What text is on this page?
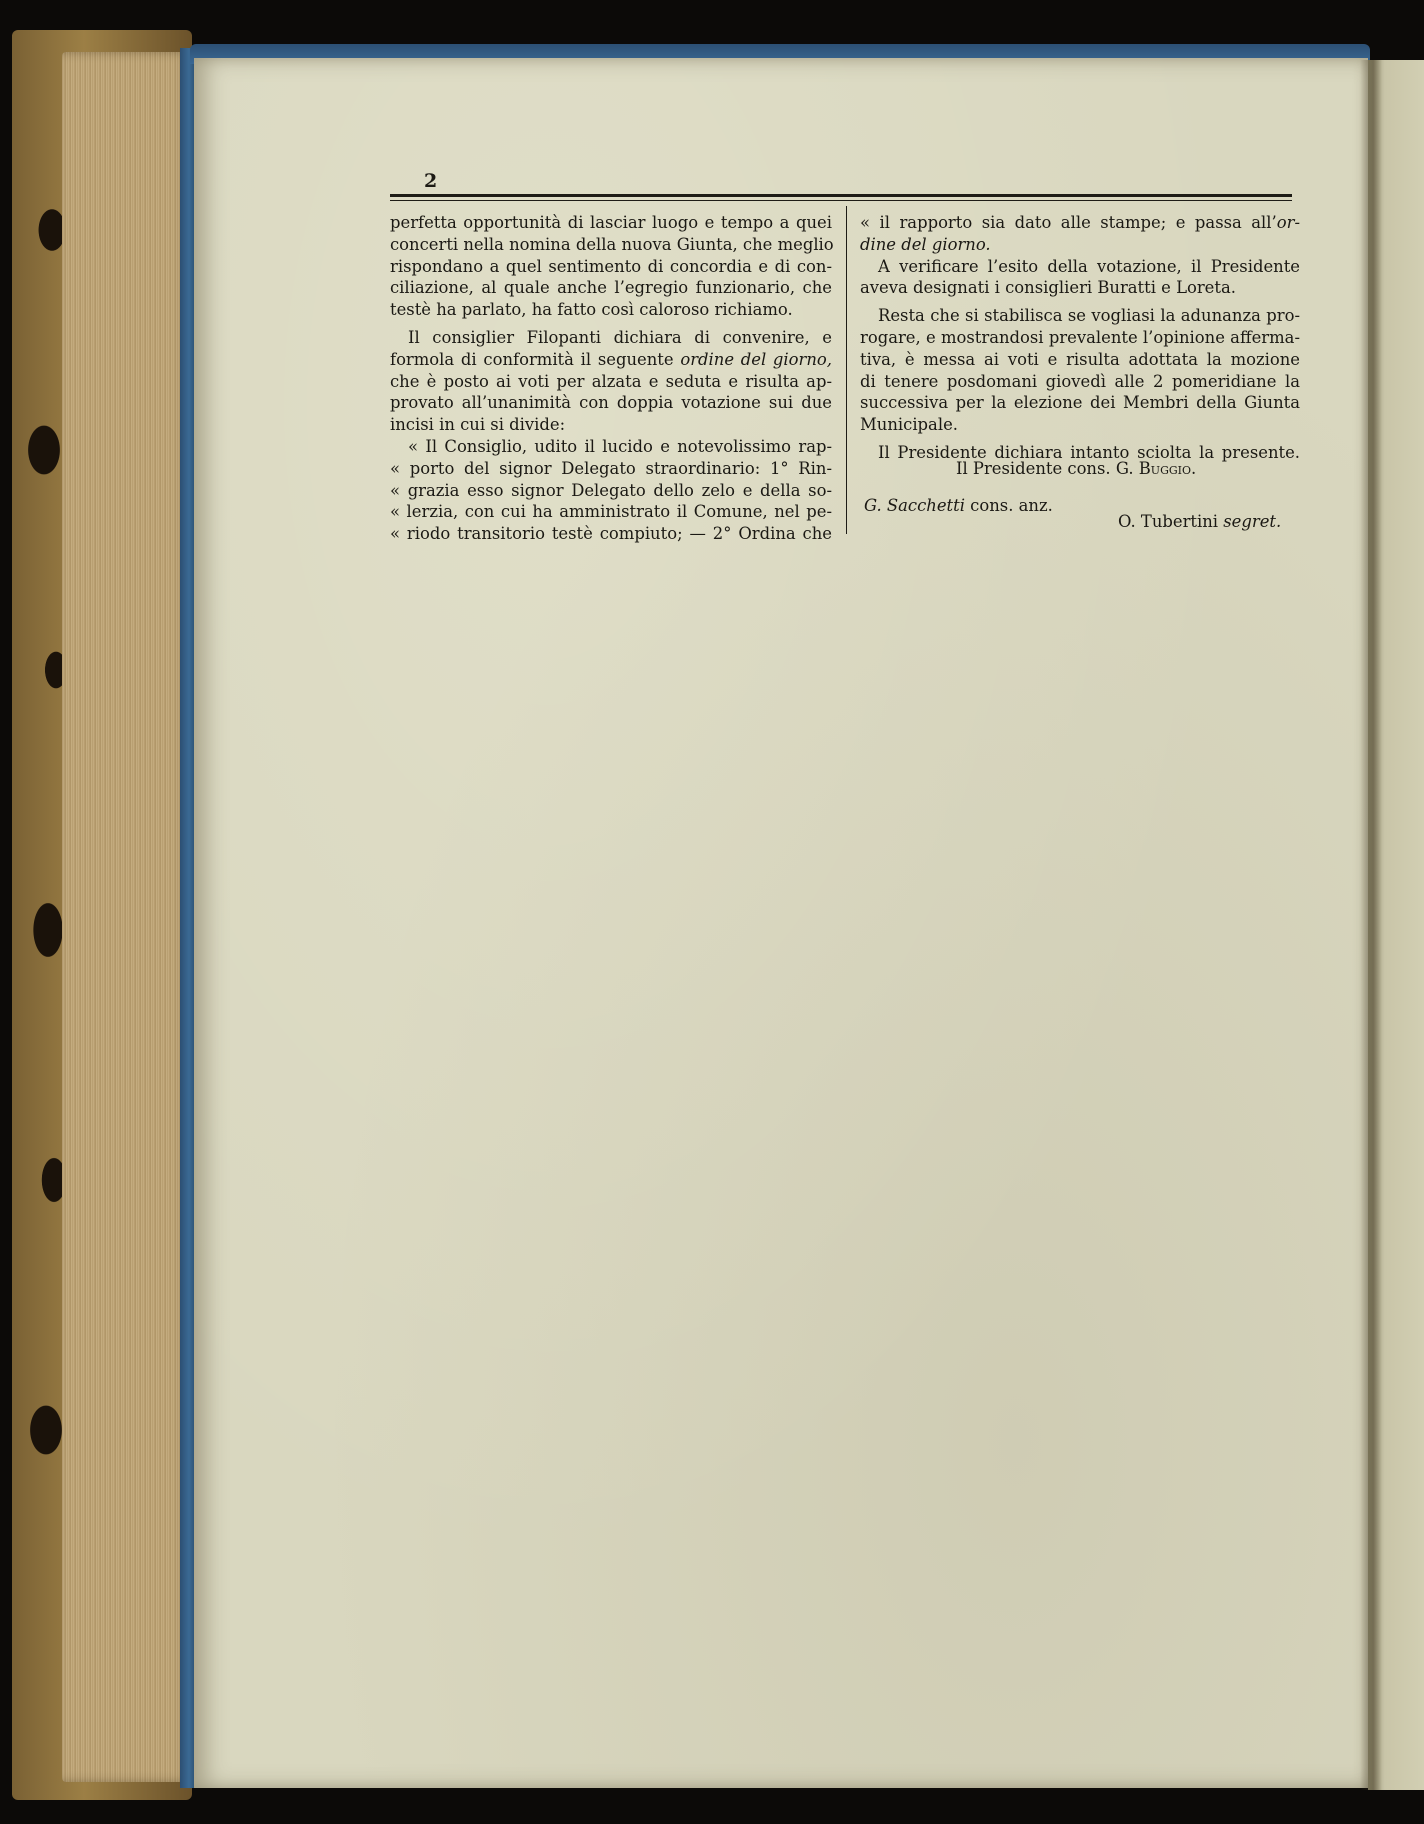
2

perfetta opportunità di lasciar luogo e tempo a quei
concerti nella nomina della nuova Giunta, che meglio
rispondano a quel sentimento di concordia e di con-
ciliazione, al quale anche l’egregio funzionario, che
testè ha parlato, ha fatto così caloroso richiamo.

Il consiglier Filopanti dichiara di convenire, e
formola di conformità il seguente ordine del giorno,
che è posto ai voti per alzata e seduta e risulta ap-
provato all’unanimità con doppia votazione sui due
incisi in cui si divide:

« Il Consiglio, udito il lucido e notevolissimo rap-
« porto del signor Delegato straordinario: 1° Rin-
« grazia esso signor Delegato dello zelo e della so-
« lerzia, con cui ha amministrato il Comune, nel pe-
« riodo transitorio testè compiuto; — 2° Ordina che

« il rapporto sia dato alle stampe; e passa all’or-
dine del giorno.

A verificare l’esito della votazione, il Presidente
aveva designati i consiglieri Buratti e Loreta.

Resta che si stabilisca se vogliasi la adunanza pro-
rogare, e mostrandosi prevalente l’opinione afferma-
tiva, è messa ai voti e risulta adottata la mozione
di tenere posdomani giovedì alle 2 pomeridiane la
successiva per la elezione dei Membri della Giunta
Municipale.

Il Presidente dichiara intanto sciolta la presente.

Il Presidente cons. G. Buggio.
G. Sacchetti cons. anz.
O. Tubertini segret.
